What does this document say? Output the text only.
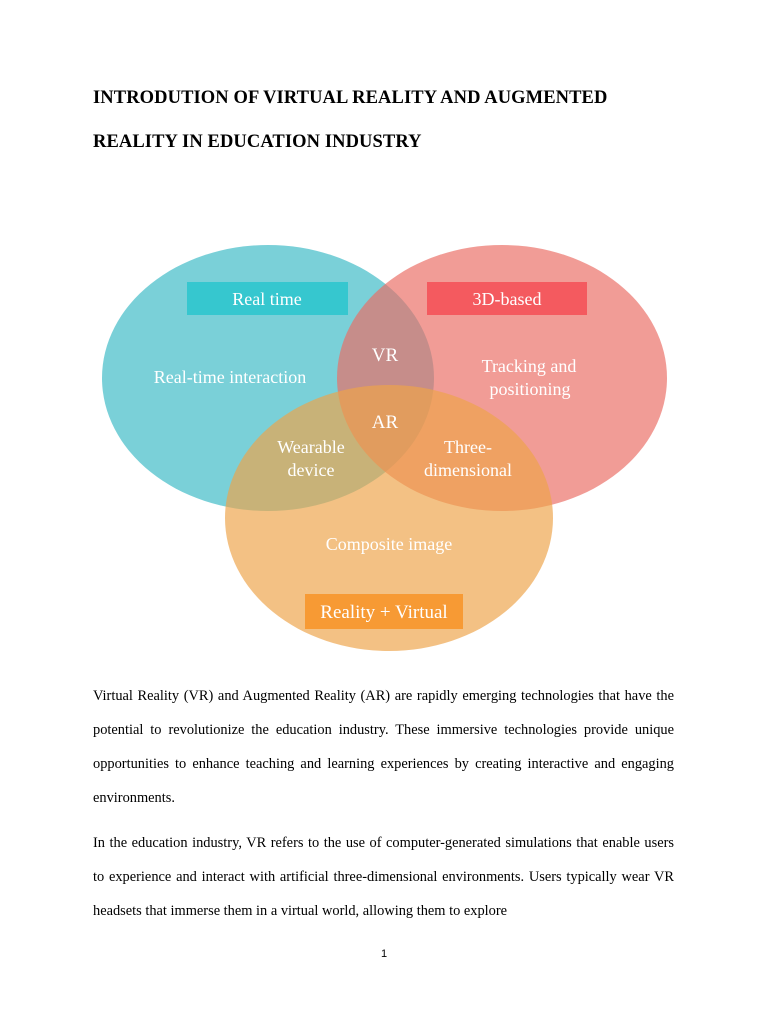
INTRODUTION OF VIRTUAL REALITY AND AUGMENTED
REALITY IN EDUCATION INDUSTRY
Real time	3D-based
Reality + Virtual
Real-time interaction
Tracking and
positioning
Composite image
VR
AR
Wearable
device
Three-
dimensional

Virtual Reality (VR) and Augmented Reality (AR) are rapidly emerging technologies that have the potential to revolutionize the education industry. These immersive technologies provide unique opportunities to enhance teaching and learning experiences by creating interactive and engaging environments.

In the education industry, VR refers to the use of computer-generated simulations that enable users to experience and interact with artificial three-dimensional environments. Users typically wear VR headsets that immerse them in a virtual world, allowing them to explore

1
